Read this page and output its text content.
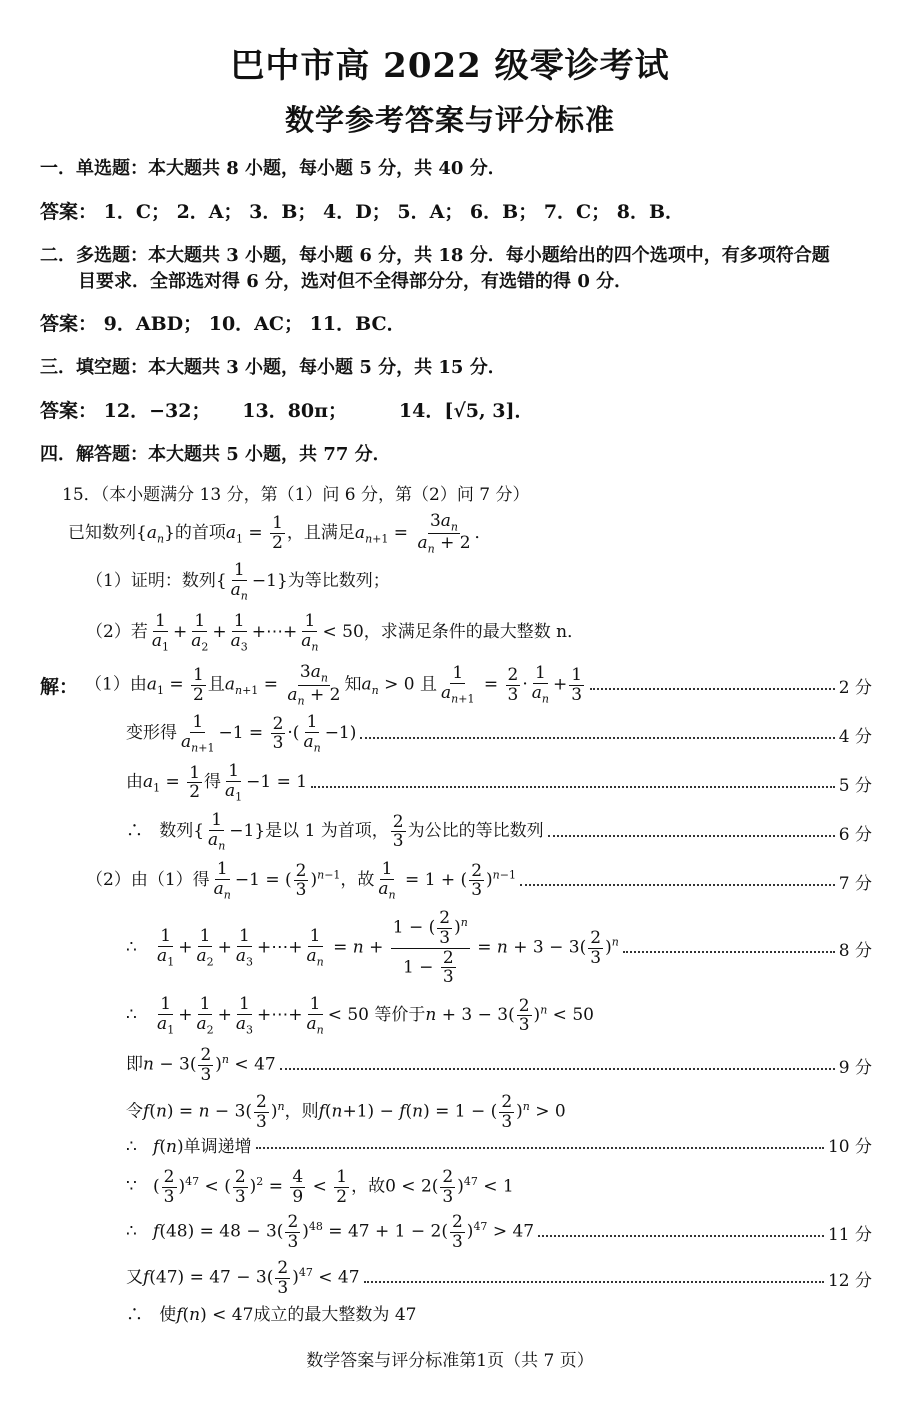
巴中市高 2022 级零诊考试
数学参考答案与评分标准
一．单选题：本大题共 8 小题，每小题 5 分，共 40 分．
答案： 1．C； 2．A； 3．B； 4．D； 5．A； 6．B； 7．C； 8．B．
二．多选题：本大题共 3 小题，每小题 6 分，共 18 分．每小题给出的四个选项中，有多项符合题
目要求．全部选对得 6 分，选对但不全得部分分，有选错的得 0 分．
答案： 9．ABD； 10．AC； 11．BC．
三．填空题：本大题共 3 小题，每小题 5 分，共 15 分．
答案： 12．−32； 13．80π；	14．[√5, 3]．
四．解答题：本大题共 5 小题，共 77 分．
15．（本小题满分 13 分，第（1）问 6 分，第（2）问 7 分）
已知数列$\{a_n\}$的首项$a_1 = \frac{1}{2}$ ，且满足$a_{n+1} = \frac{3a_n}{a_n + 2}$ ．
（1）证明：数列{ $\frac{1}{a_n} -1$}为等比数列；
（2）若 $\frac{1}{a_1} + \frac{1}{a_2} + \frac{1}{a_3}$ +⋯+ $\frac{1}{a_n} < 50$，求满足条件的最大整数 n．
解： （1）由$a_1 = \frac{1}{2}$ 且$a_{n+1} = \frac{3a_n}{a_n + 2}$ 知$a_n > 0$ 且 $\frac{1}{a_{n+1}} = \frac{2}{3} \cdot \frac{1}{a_n} + \frac{1}{3}$	2 分
变形得 $\frac{1}{a_{n+1}} -1 = \frac{2}{3}$ ·( $\frac{1}{a_n} -1$)	4 分
由$a_1 = \frac{1}{2}$ 得 $\frac{1}{a_1} -1 = 1$	5 分
∴ 数列{ $\frac{1}{a_n} -1$}是以 1 为首项， $\frac{2}{3}$ 为公比的等比数列	6 分
（2）由（1）得 $\frac{1}{a_n} -1$ = ( $\frac{2}{3} )^{n-1}$，故 $\frac{1}{a_n} = 1$ + ( $\frac{2}{3} )^{n-1}$	7 分
∴ $\frac{1}{a_1} + \frac{1}{a_2} + \frac{1}{a_3}$ +⋯+ $\frac{1}{a_n} = n + \frac{1 - ( \frac{2}{3} )^n}{1 - \frac{2}{3}} = n + 3 - 3( \frac{2}{3} )^n$	8 分
∴ $\frac{1}{a_1} + \frac{1}{a_2} + \frac{1}{a_3}$ +⋯+ $\frac{1}{a_n} < 50$ 等价于$n + 3 - 3( \frac{2}{3} )^n < 50$
即$n - 3( \frac{2}{3} )^n < 47$	9 分
令$f(n) = n - 3( \frac{2}{3} )^n$，则f(n+1) − f(n) = 1 − ( $\frac{2}{3} )^n > 0$
∴ f(n)单调递增	10 分
∵   ( $\frac{2}{3} )^{47}$ < ( $\frac{2}{3} )^2 = \frac{4}{9} < \frac{1}{2}$ ，故$0 < 2( \frac{2}{3} )^{47} < 1$
∴ $f(48) = 48 - 3( \frac{2}{3} )^{48} = 47 + 1 - 2( \frac{2}{3} )^{47} > 47$	11 分
又$f(47) = 47 - 3( \frac{2}{3} )^{47} < 47$	12 分
∴ 使f(n) < 47成立的最大整数为 47
数学答案与评分标准第1页（共 7 页）
